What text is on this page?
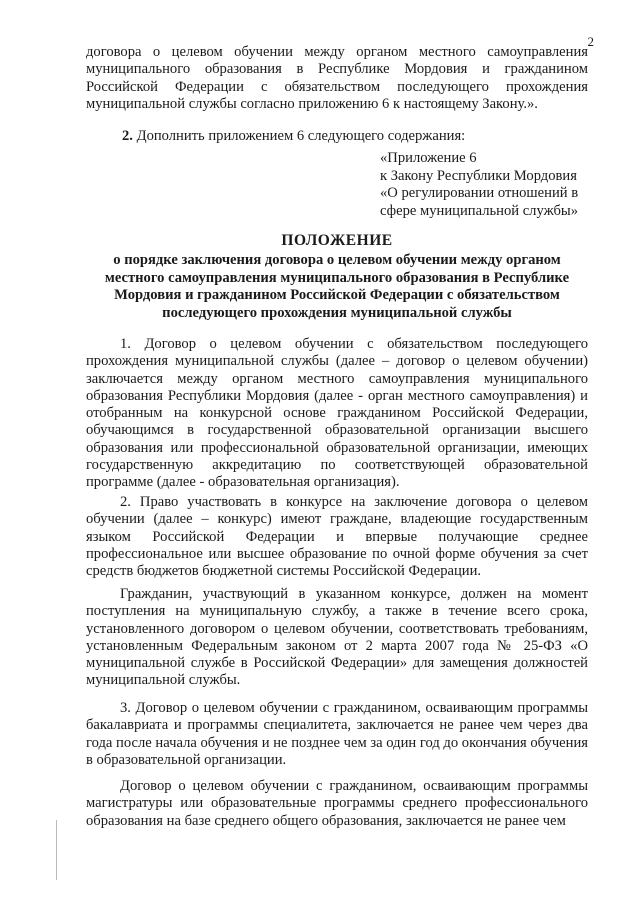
2

договора о целевом обучении между органом местного самоуправления муниципального образования в Республике Мордовия и гражданином Российской Федерации с обязательством последующего прохождения муниципальной службы согласно приложению 6 к настоящему Закону.».

2. Дополнить приложением 6 следующего содержания:

«Приложение 6
к Закону Республики Мордовия
«О регулировании отношений в
сфере муниципальной службы»
ПОЛОЖЕНИЕ
о порядке заключения договора о целевом обучении между органом местного самоуправления муниципального образования в Республике Мордовия и гражданином Российской Федерации с обязательством последующего прохождения муниципальной службы

1. Договор о целевом обучении с обязательством последующего прохождения муниципальной службы (далее – договор о целевом обучении) заключается между органом местного самоуправления муниципального образования Республики Мордовия (далее - орган местного самоуправления) и отобранным на конкурсной основе гражданином Российской Федерации, обучающимся в государственной образовательной организации высшего образования или профессиональной образовательной организации, имеющих государственную аккредитацию по соответствующей образовательной программе (далее - образовательная организация).

2. Право участвовать в конкурсе на заключение договора о целевом обучении (далее – конкурс) имеют граждане, владеющие государственным языком Российской Федерации и впервые получающие среднее профессиональное или высшее образование по очной форме обучения за счет средств бюджетов бюджетной системы Российской Федерации.

Гражданин, участвующий в указанном конкурсе, должен на момент поступления на муниципальную службу, а также в течение всего срока, установленного договором о целевом обучении, соответствовать требованиям, установленным Федеральным законом от 2 марта 2007 года № 25-ФЗ «О муниципальной службе в Российской Федерации» для замещения должностей муниципальной службы.

3. Договор о целевом обучении с гражданином, осваивающим программы бакалавриата и программы специалитета, заключается не ранее чем через два года после начала обучения и не позднее чем за один год до окончания обучения в образовательной организации.

Договор о целевом обучении с гражданином, осваивающим программы магистратуры или образовательные программы среднего профессионального образования на базе среднего общего образования, заключается не ранее чем
